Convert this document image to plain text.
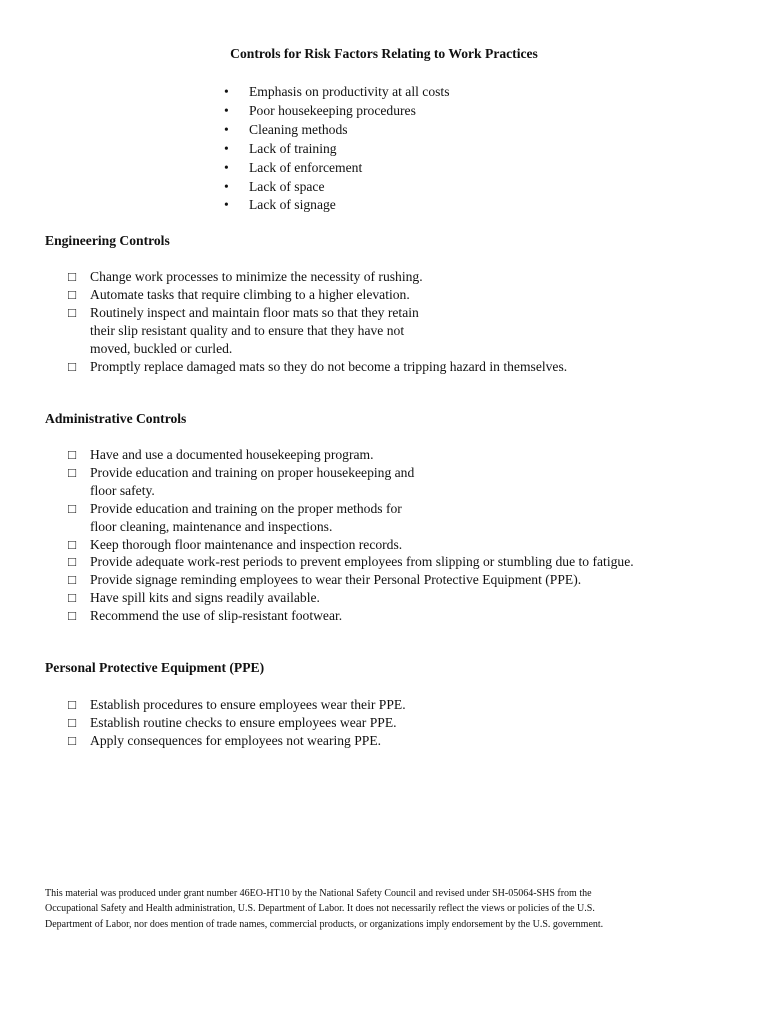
Controls for Risk Factors Relating to Work Practices
• Emphasis on productivity at all costs
• Poor housekeeping procedures
• Cleaning methods
• Lack of training
• Lack of enforcement
• Lack of space
• Lack of signage
Engineering Controls
□ Change work processes to minimize the necessity of rushing.
□ Automate tasks that require climbing to a higher elevation.
□ Routinely inspect and maintain floor mats so that they retain
their slip resistant quality and to ensure that they have not
moved, buckled or curled.
□ Promptly replace damaged mats so they do not become a tripping hazard in themselves.
Administrative Controls
□ Have and use a documented housekeeping program.
□ Provide education and training on proper housekeeping and
floor safety.
□ Provide education and training on the proper methods for
floor cleaning, maintenance and inspections.
□ Keep thorough floor maintenance and inspection records.
□ Provide adequate work-rest periods to prevent employees from slipping or stumbling due to fatigue.
□ Provide signage reminding employees to wear their Personal Protective Equipment (PPE).
□ Have spill kits and signs readily available.
□ Recommend the use of slip-resistant footwear.
Personal Protective Equipment (PPE)
□ Establish procedures to ensure employees wear their PPE.
□ Establish routine checks to ensure employees wear PPE.
□ Apply consequences for employees not wearing PPE.
This material was produced under grant number 46EO-HT10 by the National Safety Council and revised under SH-05064-SHS from the
Occupational Safety and Health administration, U.S. Department of Labor. It does not necessarily reflect the views or policies of the U.S.
Department of Labor, nor does mention of trade names, commercial products, or organizations imply endorsement by the U.S. government.
